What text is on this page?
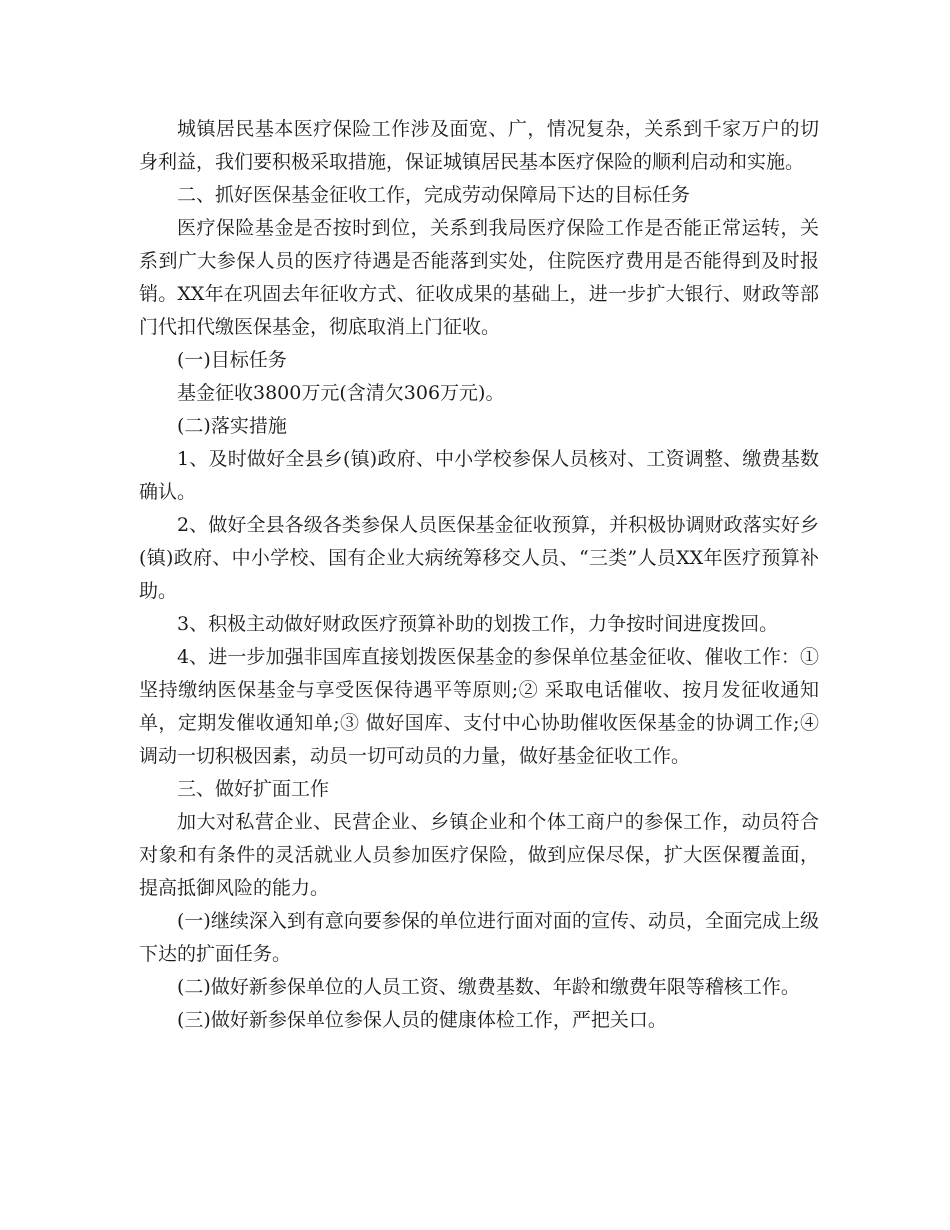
城镇居民基本医疗保险工作涉及面宽、广，情况复杂，关系到千家万户的切身利益，我们要积极采取措施，保证城镇居民基本医疗保险的顺利启动和实施。

二、抓好医保基金征收工作，完成劳动保障局下达的目标任务

医疗保险基金是否按时到位，关系到我局医疗保险工作是否能正常运转，关系到广大参保人员的医疗待遇是否能落到实处，住院医疗费用是否能得到及时报销。XX年在巩固去年征收方式、征收成果的基础上，进一步扩大银行、财政等部门代扣代缴医保基金，彻底取消上门征收。

(一)目标任务

基金征收3800万元(含清欠306万元)。

(二)落实措施

1、及时做好全县乡(镇)政府、中小学校参保人员核对、工资调整、缴费基数确认。

2、做好全县各级各类参保人员医保基金征收预算，并积极协调财政落实好乡(镇)政府、中小学校、国有企业大病统筹移交人员、“三类”人员XX年医疗预算补助。

3、积极主动做好财政医疗预算补助的划拨工作，力争按时间进度拨回。

4、进一步加强非国库直接划拨医保基金的参保单位基金征收、催收工作：①坚持缴纳医保基金与享受医保待遇平等原则;② 采取电话催收、按月发征收通知单，定期发催收通知单;③ 做好国库、支付中心协助催收医保基金的协调工作;④ 调动一切积极因素，动员一切可动员的力量，做好基金征收工作。

三、做好扩面工作

加大对私营企业、民营企业、乡镇企业和个体工商户的参保工作，动员符合对象和有条件的灵活就业人员参加医疗保险，做到应保尽保，扩大医保覆盖面，提高抵御风险的能力。

(一)继续深入到有意向要参保的单位进行面对面的宣传、动员，全面完成上级下达的扩面任务。

(二)做好新参保单位的人员工资、缴费基数、年龄和缴费年限等稽核工作。

(三)做好新参保单位参保人员的健康体检工作，严把关口。
